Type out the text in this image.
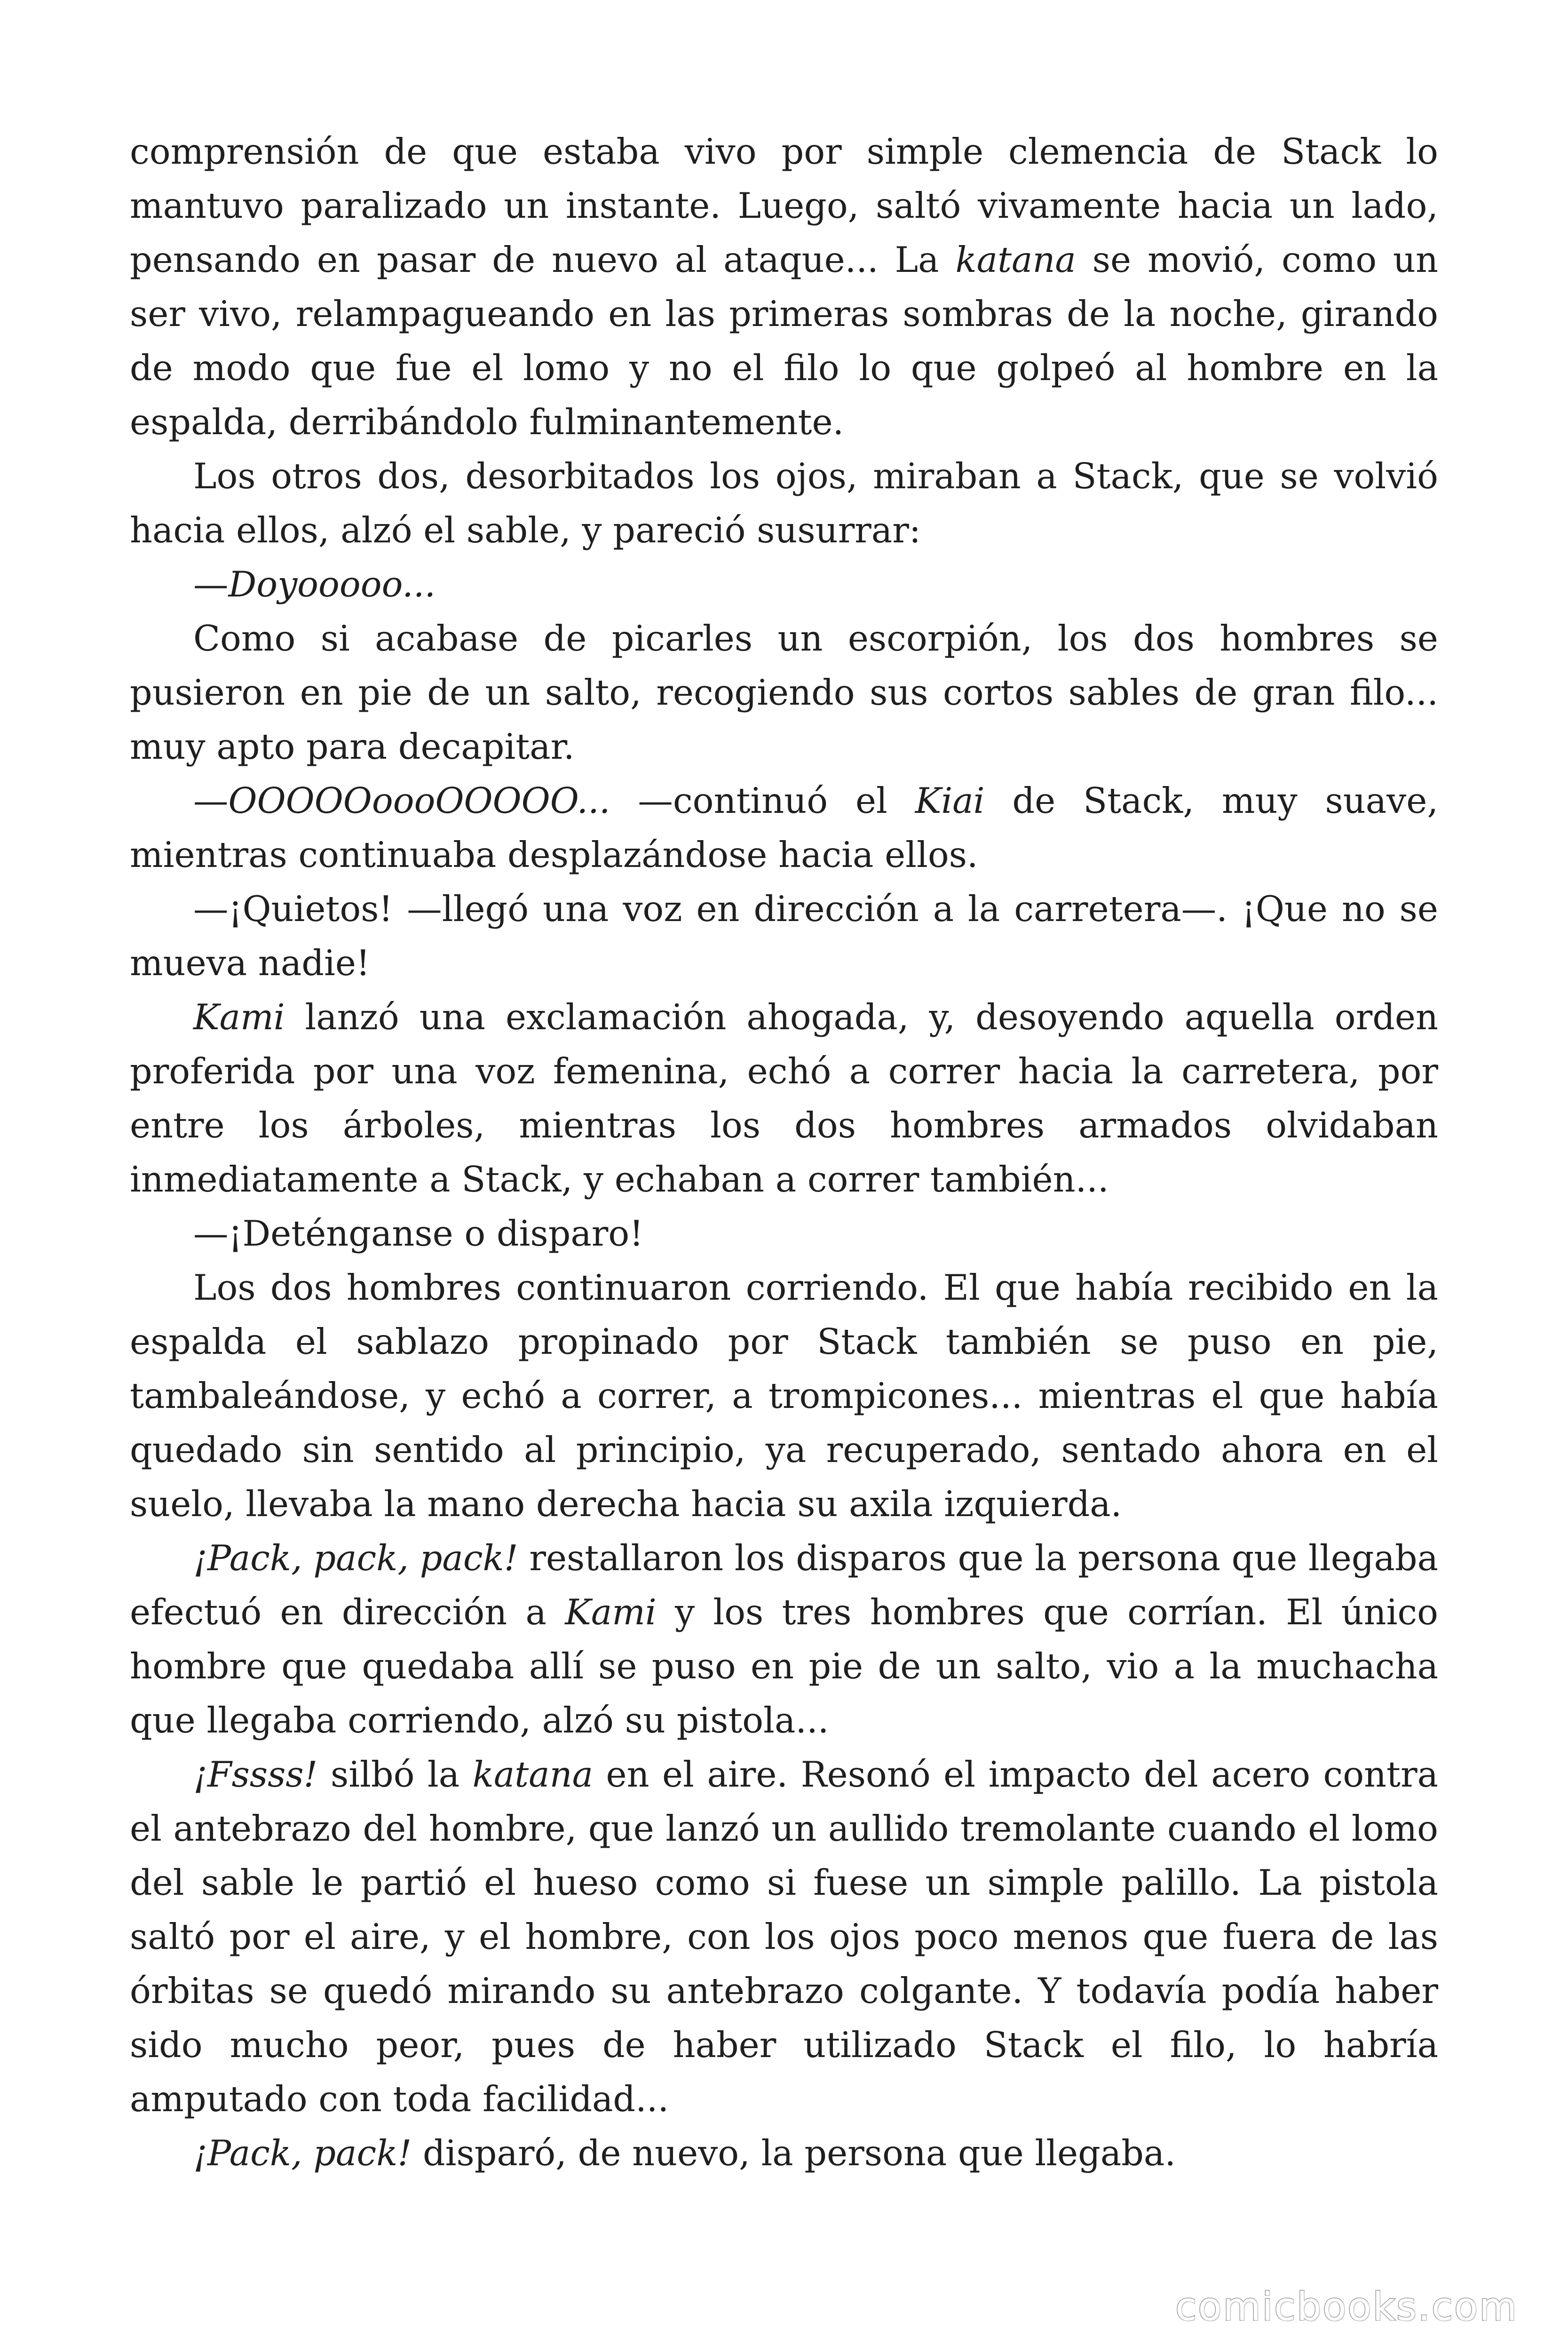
comprensión de que estaba vivo por simple clemencia de Stack lo mantuvo paralizado un instante. Luego, saltó vivamente hacia un lado, pensando en pasar de nuevo al ataque... La katana se movió, como un ser vivo, relampagueando en las primeras sombras de la noche, girando de modo que fue el lomo y no el filo lo que golpeó al hombre en la espalda, derribándolo fulminantemente.

Los otros dos, desorbitados los ojos, miraban a Stack, que se volvió hacia ellos, alzó el sable, y pareció susurrar:

—Doyooooo...

Como si acabase de picarles un escorpión, los dos hombres se pusieron en pie de un salto, recogiendo sus cortos sables de gran filo... muy apto para decapitar.

—OOOOOoooOOOOO... —continuó el Kiai de Stack, muy suave, mientras continuaba desplazándose hacia ellos.

—¡Quietos! —llegó una voz en dirección a la carretera—. ¡Que no se mueva nadie!

Kami lanzó una exclamación ahogada, y, desoyendo aquella orden proferida por una voz femenina, echó a correr hacia la carretera, por entre los árboles, mientras los dos hombres armados olvidaban inmediatamente a Stack, y echaban a correr también...

—¡Deténganse o disparo!

Los dos hombres continuaron corriendo. El que había recibido en la espalda el sablazo propinado por Stack también se puso en pie, tambaleándose, y echó a correr, a trompicones... mientras el que había quedado sin sentido al principio, ya recuperado, sentado ahora en el suelo, llevaba la mano derecha hacia su axila izquierda.

¡Pack, pack, pack! restallaron los disparos que la persona que llegaba efectuó en dirección a Kami y los tres hombres que corrían. El único hombre que quedaba allí se puso en pie de un salto, vio a la muchacha que llegaba corriendo, alzó su pistola...

¡Fssss! silbó la katana en el aire. Resonó el impacto del acero contra el antebrazo del hombre, que lanzó un aullido tremolante cuando el lomo del sable le partió el hueso como si fuese un simple palillo. La pistola saltó por el aire, y el hombre, con los ojos poco menos que fuera de las órbitas se quedó mirando su antebrazo colgante. Y todavía podía haber sido mucho peor, pues de haber utilizado Stack el filo, lo habría amputado con toda facilidad...

¡Pack, pack! disparó, de nuevo, la persona que llegaba.

comicbooks.com
